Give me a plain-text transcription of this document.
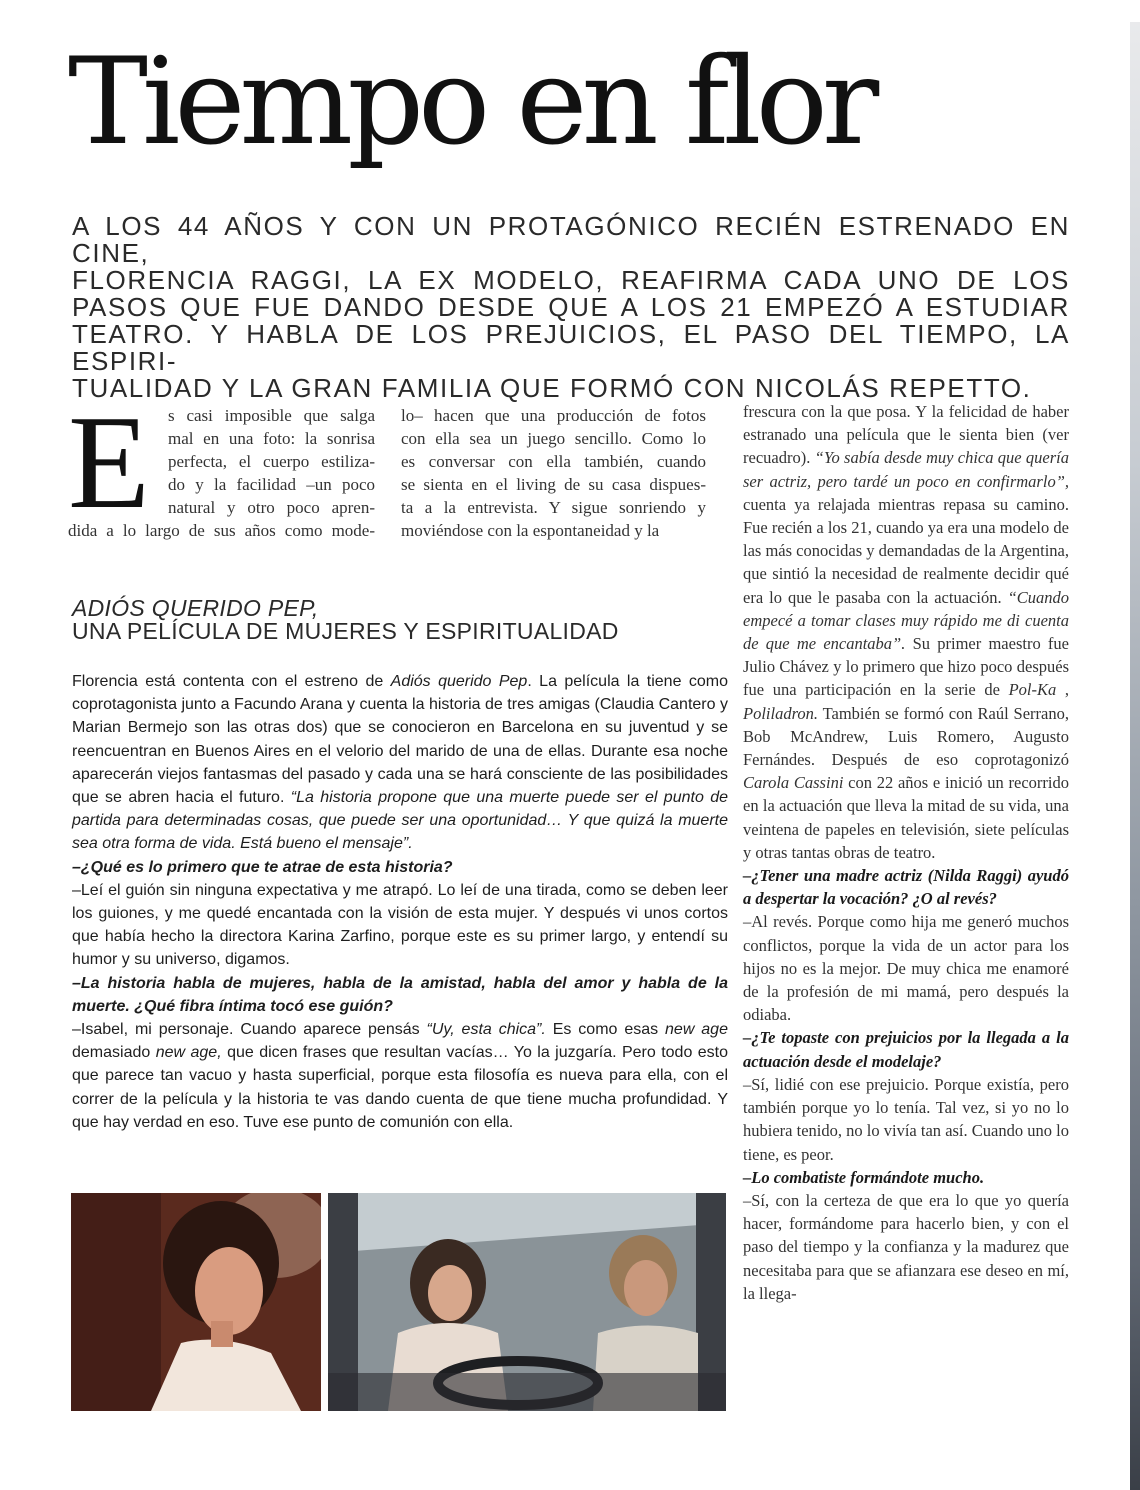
Tiempo en flor
A LOS 44 AÑOS Y CON UN PROTAGÓNICO RECIÉN ESTRENADO EN CINE,
FLORENCIA RAGGI, LA EX MODELO, REAFIRMA CADA UNO DE LOS
PASOS QUE FUE DANDO DESDE QUE A LOS 21 EMPEZÓ A ESTUDIAR
TEATRO. Y HABLA DE LOS PREJUICIOS, EL PASO DEL TIEMPO, LA ESPIRI-
TUALIDAD Y LA GRAN FAMILIA QUE FORMÓ CON NICOLÁS REPETTO.
E	s casi imposible que salga
mal en una foto: la sonrisa
perfecta, el cuerpo estiliza-
do y la facilidad –un poco
natural y otro poco apren-
dida a lo largo de sus años como mode-
lo– hacen que una producción de fotos
con ella sea un juego sencillo. Como lo
es conversar con ella también, cuando
se sienta en el living de su casa dispues-
ta a la entrevista. Y sigue sonriendo y
moviéndose con la espontaneidad y la
ADIÓS QUERIDO PEP,
UNA PELÍCULA DE MUJERES Y ESPIRITUALIDAD

Florencia está contenta con el estreno de Adiós querido Pep. La película la tiene como coprotagonista junto a Facundo Arana y cuenta la historia de tres amigas (Claudia Cantero y Marian Bermejo son las otras dos) que se conocieron en Barcelona en su juventud y se reencuentran en Buenos Aires en el velorio del marido de una de ellas. Durante esa noche aparecerán viejos fantasmas del pasado y cada una se hará consciente de las posibilidades que se abren hacia el futuro. “La historia propone que una muerte puede ser el punto de partida para determinadas cosas, que puede ser una oportunidad… Y que quizá la muerte sea otra forma de vida. Está bueno el mensaje”.

–¿Qué es lo primero que te atrae de esta historia?

–Leí el guión sin ninguna expectativa y me atrapó. Lo leí de una tirada, como se deben leer los guiones, y me quedé encantada con la visión de esta mujer. Y después vi unos cortos que había hecho la directora Karina Zarfino, porque este es su primer largo, y entendí su humor y su universo, digamos.

–La historia habla de mujeres, habla de la amistad, habla del amor y habla de la muerte. ¿Qué fibra íntima tocó ese guión?

–Isabel, mi personaje. Cuando aparece pensás “Uy, esta chica”. Es como esas new age demasiado new age, que dicen frases que resultan vacías… Yo la juzgaría. Pero todo esto que parece tan vacuo y hasta superficial, porque esta filosofía es nueva para ella, con el correr de la película y la historia te vas dando cuenta de que tiene mucha profundidad. Y que hay verdad en eso. Tuve ese punto de comunión con ella.

frescura con la que posa. Y la felicidad de haber estranado una película que le sienta bien (ver recuadro). “Yo sabía desde muy chica que quería ser actriz, pero tardé un poco en confirmarlo”, cuenta ya relajada mientras repasa su camino. Fue recién a los 21, cuando ya era una modelo de las más conocidas y demandadas de la Argentina, que sintió la necesidad de realmente decidir qué era lo que le pasaba con la actuación. “Cuando empecé a tomar clases muy rápido me di cuenta de que me encantaba”. Su primer maestro fue Julio Chávez y lo primero que hizo poco después fue una participación en la serie de Pol-Ka , Poliladron. También se formó con Raúl Serrano, Bob McAndrew, Luis Romero, Augusto Fernándes. Después de eso coprotagonizó Carola Cassini con 22 años e inició un recorrido en la actuación que lleva la mitad de su vida, una veintena de papeles en televisión, siete películas y otras tantas obras de teatro.

–¿Tener una madre actriz (Nilda Raggi) ayudó a despertar la vocación? ¿O al revés?

–Al revés. Porque como hija me generó muchos conflictos, porque la vida de un actor para los hijos no es la mejor. De muy chica me enamoré de la profesión de mi mamá, pero después la odiaba.

–¿Te topaste con prejuicios por la llegada a la actuación desde el modelaje?

–Sí, lidié con ese prejuicio. Porque existía, pero también porque yo lo tenía. Tal vez, si yo no lo hubiera tenido, no lo vivía tan así. Cuando uno lo tiene, es peor.

–Lo combatiste formándote mucho.

–Sí, con la certeza de que era lo que yo quería hacer, formándome para hacerlo bien, y con el paso del tiempo y la confianza y la madurez que necesitaba para que se afianzara ese deseo en mí, la llega-
